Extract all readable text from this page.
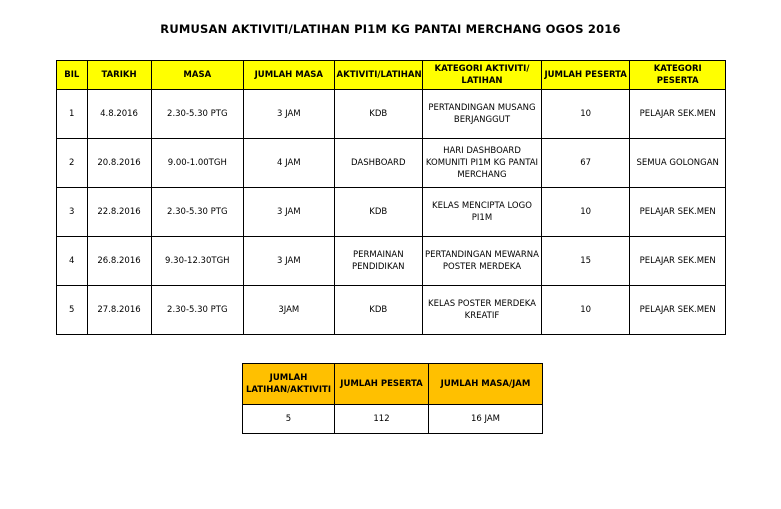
RUMUSAN AKTIVITI/LATIHAN PI1M KG PANTAI MERCHANG OGOS 2016
BIL	TARIKH	MASA	JUMLAH MASA	AKTIVITI/LATIHAN	KATEGORI AKTIVITI/ LATIHAN	JUMLAH PESERTA	KATEGORI PESERTA
1	4.8.2016	2.30-5.30 PTG	3 JAM	KDB	PERTANDINGAN MUSANG BERJANGGUT	10	PELAJAR SEK.MEN
2	20.8.2016	9.00-1.00TGH	4 JAM	DASHBOARD	HARI DASHBOARD KOMUNITI PI1M KG PANTAI MERCHANG	67	SEMUA GOLONGAN
3	22.8.2016	2.30-5.30 PTG	3 JAM	KDB	KELAS MENCIPTA LOGO PI1M	10	PELAJAR SEK.MEN
4	26.8.2016	9.30-12.30TGH	3 JAM	PERMAINAN PENDIDIKAN	PERTANDINGAN MEWARNA POSTER MERDEKA	15	PELAJAR SEK.MEN
5	27.8.2016	2.30-5.30 PTG	3JAM	KDB	KELAS POSTER MERDEKA KREATIF	10	PELAJAR SEK.MEN
JUMLAH LATIHAN/AKTIVITI	JUMLAH PESERTA	JUMLAH MASA/JAM
5	112	16 JAM
